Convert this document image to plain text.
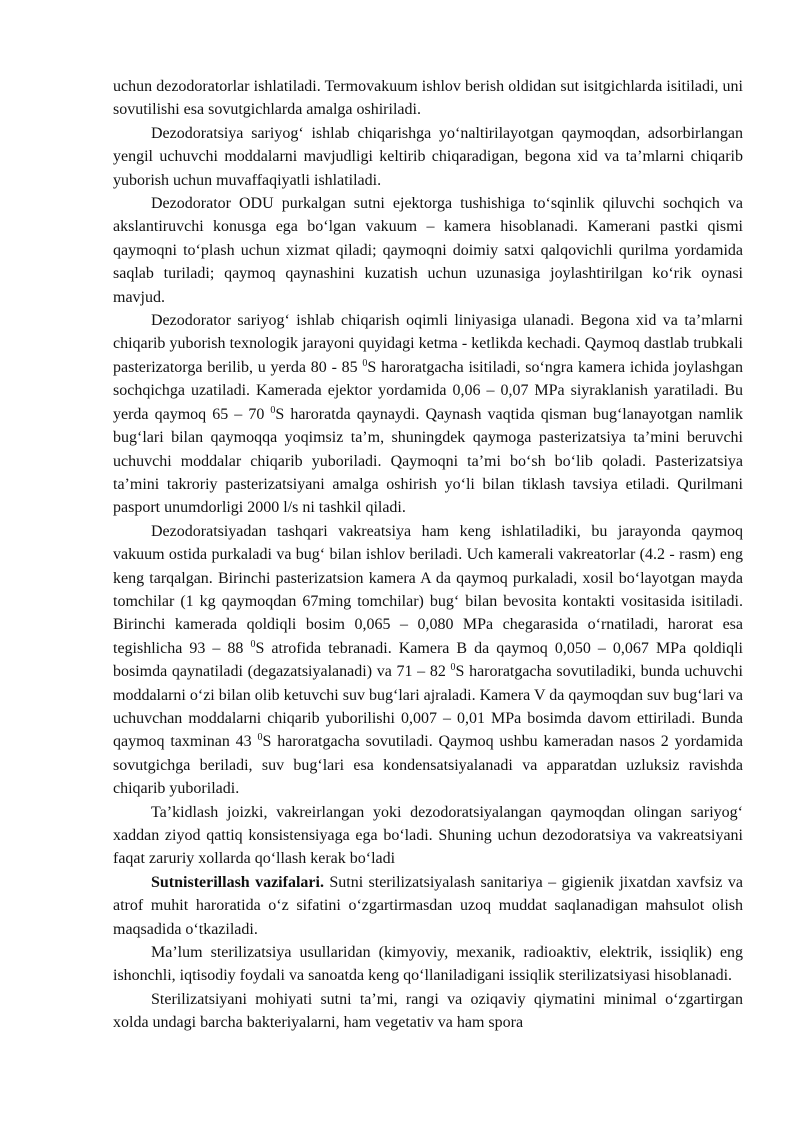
uchun dezodoratorlar ishlatiladi. Termovakuum ishlov berish oldidan sut isitgichlarda isitiladi, uni sovutilishi esa sovutgichlarda amalga oshiriladi.

Dezodoratsiya sariyog‘ ishlab chiqarishga yo‘naltirilayotgan qaymoqdan, adsorbirlangan yengil uchuvchi moddalarni mavjudligi keltirib chiqaradigan, begona xid va ta’mlarni chiqarib yuborish uchun muvaffaqiyatli ishlatiladi.

Dezodorator ODU purkalgan sutni ejektorga tushishiga to‘sqinlik qiluvchi sochqich va akslantiruvchi konusga ega bo‘lgan vakuum – kamera hisoblanadi. Kamerani pastki qismi qaymoqni to‘plash uchun xizmat qiladi; qaymoqni doimiy satxi qalqovichli qurilma yordamida saqlab turiladi; qaymoq qaynashini kuzatish uchun uzunasiga joylashtirilgan ko‘rik oynasi mavjud.

Dezodorator sariyog‘ ishlab chiqarish oqimli liniyasiga ulanadi. Begona xid va ta’mlarni chiqarib yuborish texnologik jarayoni quyidagi ketma - ketlikda kechadi. Qaymoq dastlab trubkali pasterizatorga berilib, u yerda 80 - 85 $^0$S haroratgacha isitiladi, so‘ngra kamera ichida joylashgan sochqichga uzatiladi. Kamerada ejektor yordamida 0,06 – 0,07 MPa siyraklanish yaratiladi. Bu yerda qaymoq 65 – 70 $^0$S haroratda qaynaydi. Qaynash vaqtida qisman bug‘lanayotgan namlik bug‘lari bilan qaymoqqa yoqimsiz ta’m, shuningdek qaymoga pasterizatsiya ta’mini beruvchi uchuvchi moddalar chiqarib yuboriladi. Qaymoqni ta’mi bo‘sh bo‘lib qoladi. Pasterizatsiya ta’mini takroriy pasterizatsiyani amalga oshirish yo‘li bilan tiklash tavsiya etiladi. Qurilmani pasport unumdorligi 2000 l/s ni tashkil qiladi.

Dezodoratsiyadan tashqari vakreatsiya ham keng ishlatiladiki, bu jarayonda qaymoq vakuum ostida purkaladi va bug‘ bilan ishlov beriladi. Uch kamerali vakreatorlar (4.2 - rasm) eng keng tarqalgan. Birinchi pasterizatsion kamera A da qaymoq purkaladi, xosil bo‘layotgan mayda tomchilar (1 kg qaymoqdan 67ming tomchilar) bug‘ bilan bevosita kontakti vositasida isitiladi. Birinchi kamerada qoldiqli bosim 0,065 – 0,080 MPa chegarasida o‘rnatiladi, harorat esa tegishlicha 93 – 88 $^0$S atrofida tebranadi. Kamera B da qaymoq 0,050 – 0,067 MPa qoldiqli bosimda qaynatiladi (degazatsiyalanadi) va 71 – 82 $^0$S haroratgacha sovutiladiki, bunda uchuvchi moddalarni o‘zi bilan olib ketuvchi suv bug‘lari ajraladi. Kamera V da qaymoqdan suv bug‘lari va uchuvchan moddalarni chiqarib yuborilishi 0,007 – 0,01 MPa bosimda davom ettiriladi. Bunda qaymoq taxminan 43 $^0$S haroratgacha sovutiladi. Qaymoq ushbu kameradan nasos 2 yordamida sovutgichga beriladi, suv bug‘lari esa kondensatsiyalanadi va apparatdan uzluksiz ravishda chiqarib yuboriladi.

Ta’kidlash joizki, vakreirlangan yoki dezodoratsiyalangan qaymoqdan olingan sariyog‘ xaddan ziyod qattiq konsistensiyaga ega bo‘ladi. Shuning uchun dezodoratsiya va vakreatsiyani faqat zaruriy xollarda qo‘llash kerak bo‘ladi

Sutnisterillash vazifalari. Sutni sterilizatsiyalash sanitariya – gigienik jixatdan xavfsiz va atrof muhit haroratida o‘z sifatini o‘zgartirmasdan uzoq muddat saqlanadigan mahsulot olish maqsadida o‘tkaziladi.

Ma’lum sterilizatsiya usullaridan (kimyoviy, mexanik, radioaktiv, elektrik, issiqlik) eng ishonchli, iqtisodiy foydali va sanoatda keng qo‘llaniladigani issiqlik sterilizatsiyasi hisoblanadi.

Sterilizatsiyani mohiyati sutni ta’mi, rangi va oziqaviy qiymatini minimal o‘zgartirgan xolda undagi barcha bakteriyalarni, ham vegetativ va ham spora
